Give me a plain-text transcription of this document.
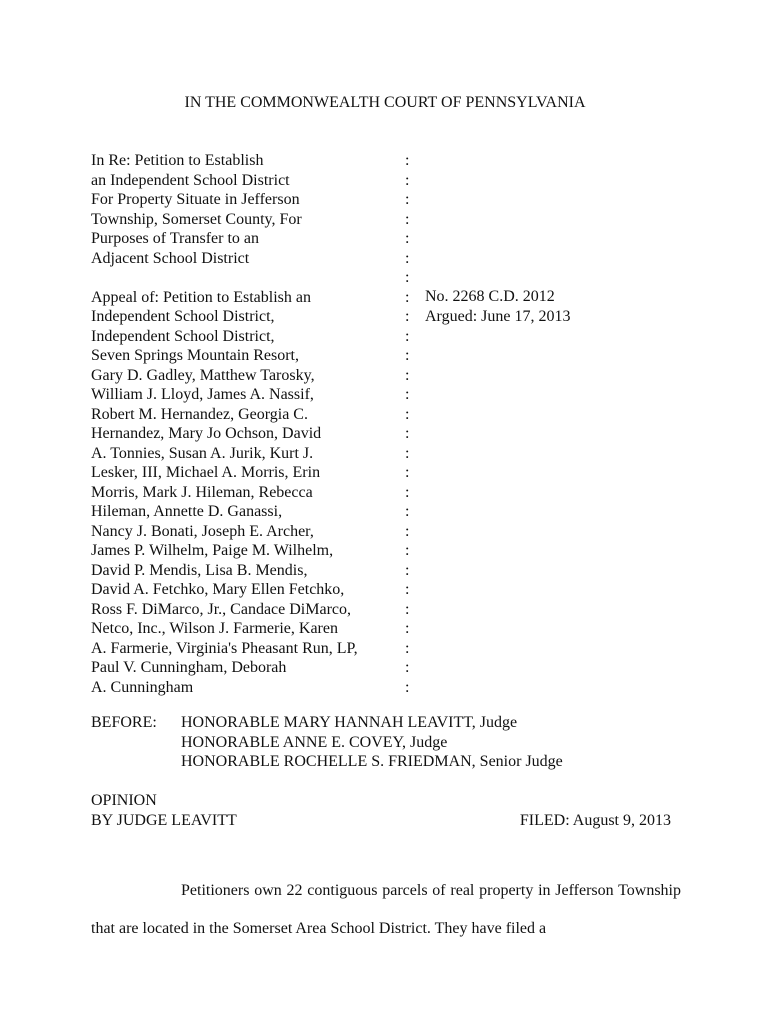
IN THE COMMONWEALTH COURT OF PENNSYLVANIA
In Re: Petition to Establish
an Independent School District
For Property Situate in Jefferson
Township, Somerset County, For
Purposes of Transfer to an
Adjacent School District
Appeal of: Petition to Establish an
Independent School District,
Independent School District,
Seven Springs Mountain Resort,
Gary D. Gadley, Matthew Tarosky,
William J. Lloyd, James A. Nassif,
Robert M. Hernandez, Georgia C.
Hernandez, Mary Jo Ochson, David
A. Tonnies, Susan A. Jurik, Kurt J.
Lesker, III, Michael A. Morris, Erin
Morris, Mark J. Hileman, Rebecca
Hileman, Annette D. Ganassi,
Nancy J. Bonati, Joseph E. Archer,
James P. Wilhelm, Paige M. Wilhelm,
David P. Mendis, Lisa B. Mendis,
David A. Fetchko, Mary Ellen Fetchko,
Ross F. DiMarco, Jr., Candace DiMarco,
Netco, Inc., Wilson J. Farmerie, Karen
A. Farmerie, Virginia's Pheasant Run, LP,
Paul V. Cunningham, Deborah
A. Cunningham
:
:
:
:
:
:
:
:
:
:
:
:
:
:
:
:
:
:
:
:
:
:
:
:
:
:
:
:
No. 2268 C.D. 2012
Argued: June 17, 2013
BEFORE: HONORABLE MARY HANNAH LEAVITT, Judge
HONORABLE ANNE E. COVEY, Judge
HONORABLE ROCHELLE S. FRIEDMAN, Senior Judge
OPINION
BY JUDGE LEAVITT	FILED: August 9, 2013

Petitioners own 22 contiguous parcels of real property in Jefferson Township that are located in the Somerset Area School District. They have filed a
